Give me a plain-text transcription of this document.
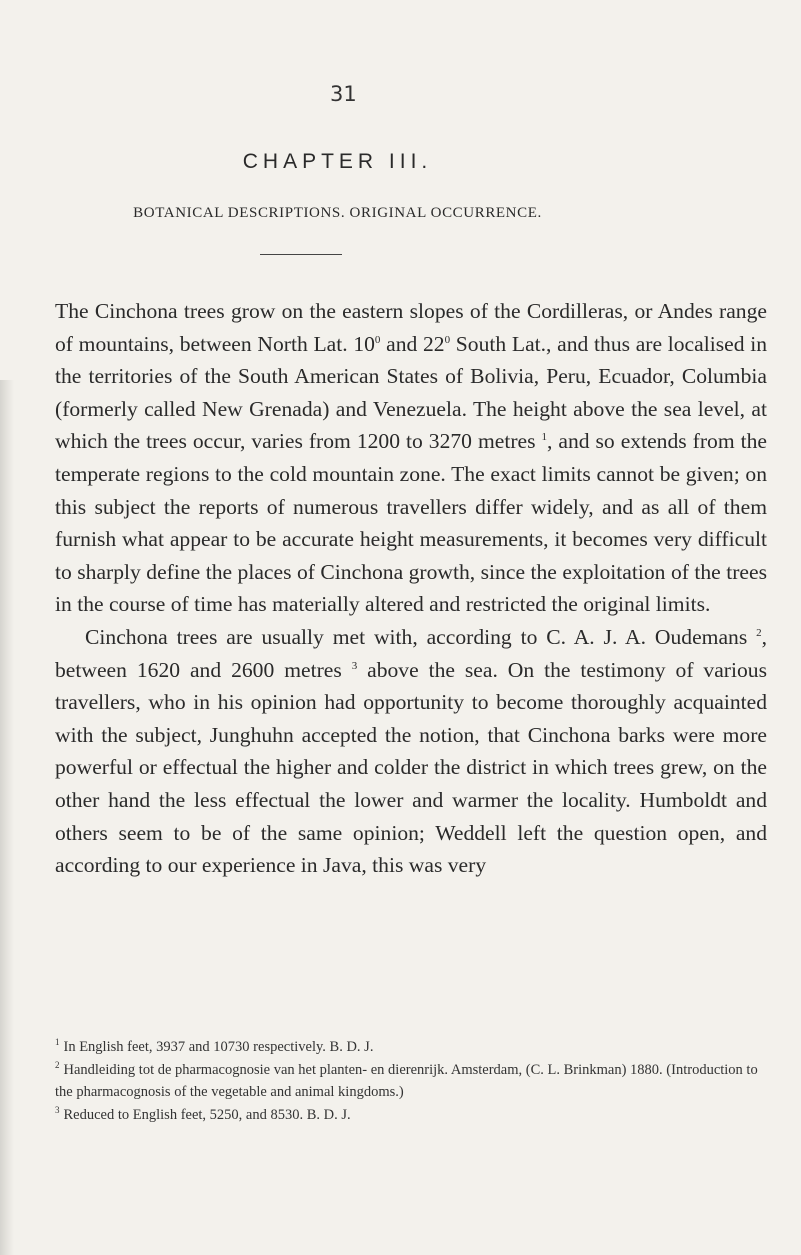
31
CHAPTER III.
BOTANICAL DESCRIPTIONS. ORIGINAL OCCURRENCE.

The Cinchona trees grow on the eastern slopes of the Cordilleras, or Andes range of mountains, between North Lat. $10^0$ and $22^0$ South Lat., and thus are localised in the territories of the South American States of Bolivia, Peru, Ecuador, Columbia (formerly called New Grenada) and Venezuela. The height above the sea level, at which the trees occur, varies from 1200 to 3270 metres $^1$, and so extends from the temperate regions to the cold mountain zone. The exact limits cannot be given; on this subject the reports of numerous travellers differ widely, and as all of them furnish what appear to be accurate height measurements, it becomes very difficult to sharply define the places of Cinchona growth, since the exploitation of the trees in the course of time has materially altered and restricted the original limits.

Cinchona trees are usually met with, according to C. A. J. A. Oudemans $^2$, between 1620 and 2600 metres $^3$ above the sea. On the testimony of various travellers, who in his opinion had opportunity to become thoroughly acquainted with the subject, Junghuhn accepted the notion, that Cinchona barks were more powerful or effectual the higher and colder the district in which trees grew, on the other hand the less effectual the lower and warmer the locality. Humboldt and others seem to be of the same opinion; Weddell left the question open, and according to our experience in Java, this was very

$^1$ In English feet, 3937 and 10730 respectively. B. D. J.

$^2$ Handleiding tot de pharmacognosie van het planten- en dierenrijk. Amsterdam, (C. L. Brinkman) 1880. (Introduction to the pharmacognosis of the vegetable and animal kingdoms.)

$^3$ Reduced to English feet, 5250, and 8530. B. D. J.
